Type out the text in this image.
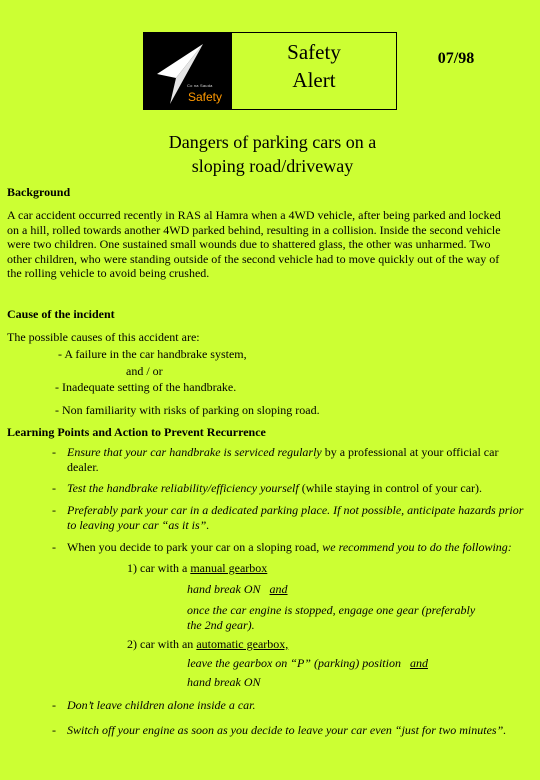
Co na Sauda
Safety
Safety
Alert
07/98
Dangers of parking cars on a
sloping road/driveway
Background
A car accident occurred recently in RAS al Hamra when a 4WD vehicle, after being parked and locked
on a hill, rolled towards another 4WD parked behind, resulting in a collision. Inside the second vehicle
were two children. One sustained small wounds due to shattered glass, the other was unharmed. Two
other children, who were standing outside of the second vehicle had to move quickly out of the way of
the rolling vehicle to avoid being crushed.
Cause of the incident
The possible causes of this accident are:
- A failure in the car handbrake system,
and / or
- Inadequate setting of the handbrake.
- Non familiarity with risks of parking on sloping road.
Learning Points and Action to Prevent Recurrence
- Ensure that your car handbrake is serviced regularly by a professional at your official car
dealer.
- Test the handbrake reliability/efficiency yourself (while staying in control of your car).
- Preferably park your car in a dedicated parking place. If not possible, anticipate hazards prior
to leaving your car “as it is”.
- When you decide to park your car on a sloping road, we recommend you to do the following:
1) car with a manual gearbox
hand break ON and
once the car engine is stopped, engage one gear (preferably
the 2nd gear).
2) car with an automatic gearbox,
leave the gearbox on “P” (parking) position and
hand break ON
- Don’t leave children alone inside a car.
- Switch off your engine as soon as you decide to leave your car even “just for two minutes”.
